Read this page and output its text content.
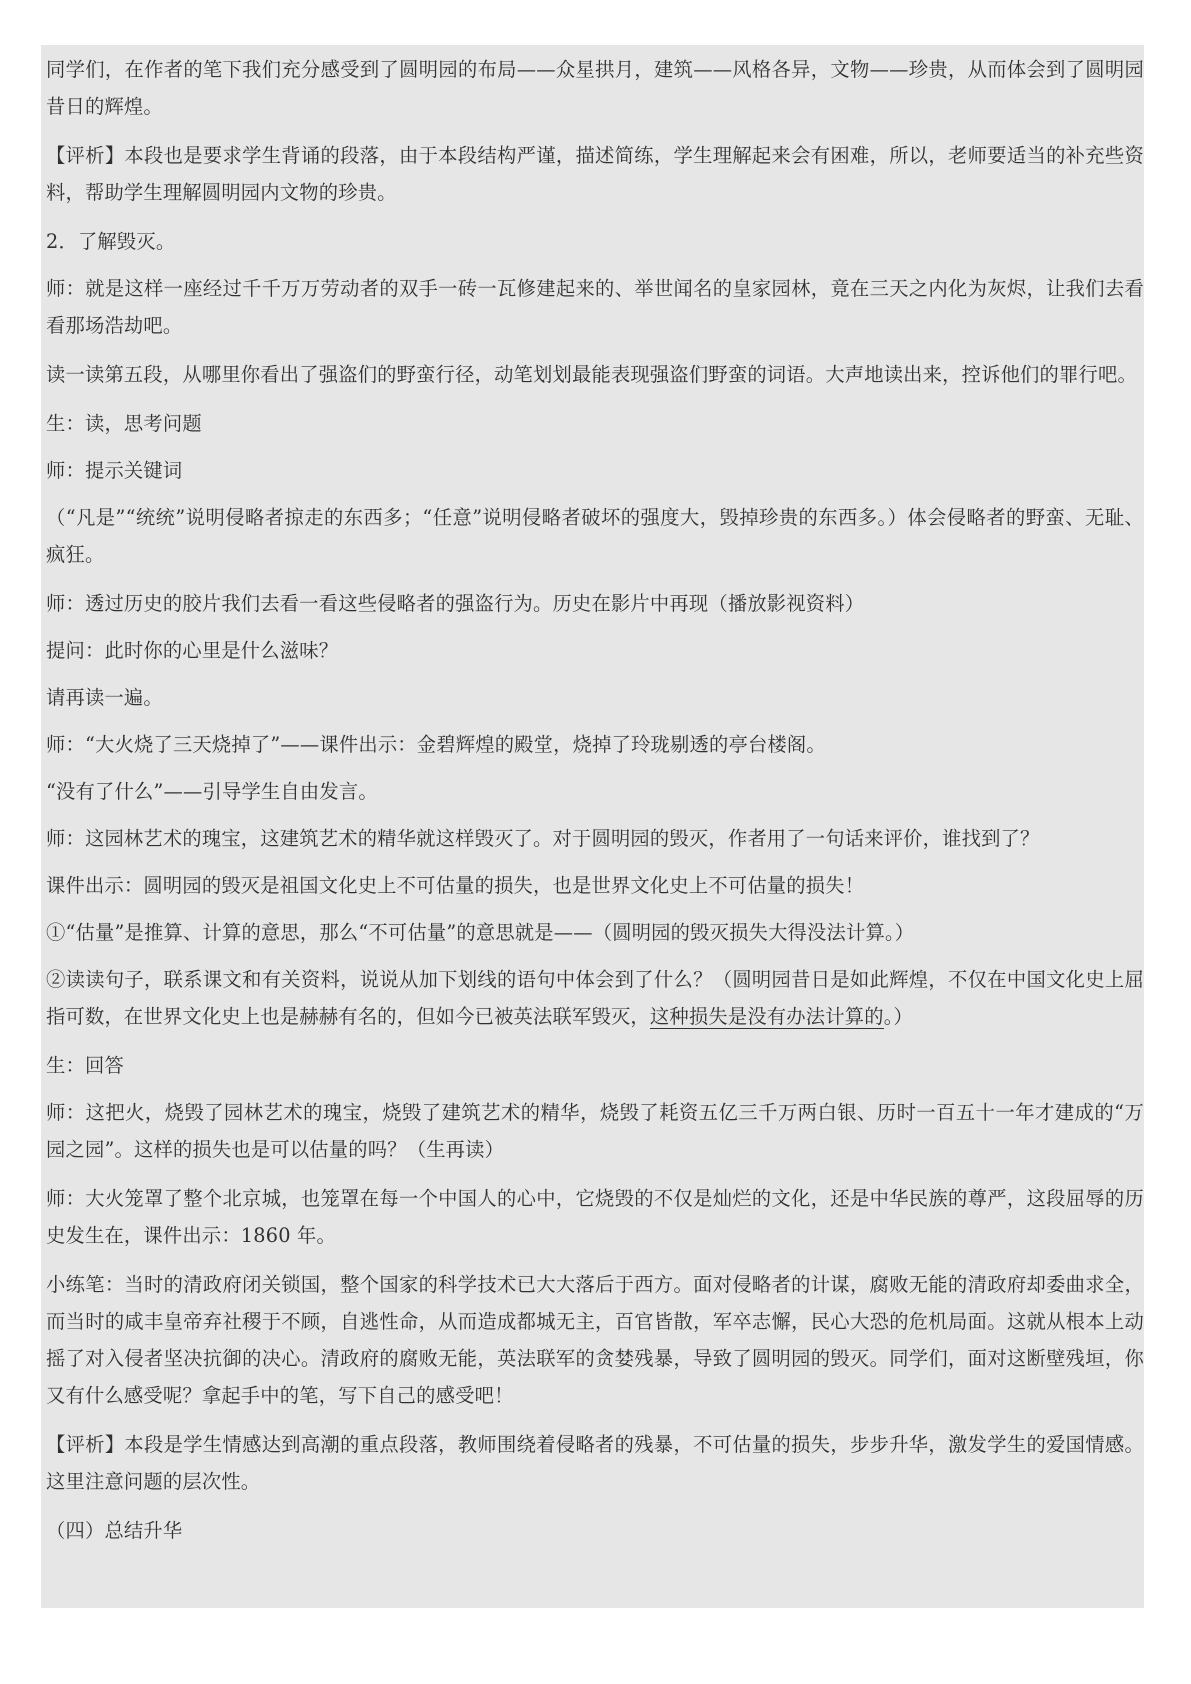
同学们，在作者的笔下我们充分感受到了圆明园的布局——众星拱月，建筑——风格各异，文物——珍贵，从而体会到了圆明园昔日的辉煌。

【评析】本段也是要求学生背诵的段落，由于本段结构严谨，描述简练，学生理解起来会有困难，所以，老师要适当的补充些资料，帮助学生理解圆明园内文物的珍贵。

2．了解毁灭。

师：就是这样一座经过千千万万劳动者的双手一砖一瓦修建起来的、举世闻名的皇家园林，竟在三天之内化为灰烬，让我们去看看那场浩劫吧。

读一读第五段，从哪里你看出了强盗们的野蛮行径，动笔划划最能表现强盗们野蛮的词语。大声地读出来，控诉他们的罪行吧。

生：读，思考问题

师：提示关键词

（“凡是”“统统”说明侵略者掠走的东西多；“任意”说明侵略者破坏的强度大，毁掉珍贵的东西多。）体会侵略者的野蛮、无耻、疯狂。

师：透过历史的胶片我们去看一看这些侵略者的强盗行为。历史在影片中再现（播放影视资料）

提问：此时你的心里是什么滋味？

请再读一遍。

师：“大火烧了三天烧掉了”——课件出示：金碧辉煌的殿堂，烧掉了玲珑剔透的亭台楼阁。

“没有了什么”——引导学生自由发言。

师：这园林艺术的瑰宝，这建筑艺术的精华就这样毁灭了。对于圆明园的毁灭，作者用了一句话来评价，谁找到了？

课件出示：圆明园的毁灭是祖国文化史上不可估量的损失，也是世界文化史上不可估量的损失！

①“估量”是推算、计算的意思，那么“不可估量”的意思就是——（圆明园的毁灭损失大得没法计算。）

②读读句子，联系课文和有关资料，说说从加下划线的语句中体会到了什么？（圆明园昔日是如此辉煌，不仅在中国文化史上屈指可数，在世界文化史上也是赫赫有名的，但如今已被英法联军毁灭，这种损失是没有办法计算的。）

生：回答

师：这把火，烧毁了园林艺术的瑰宝，烧毁了建筑艺术的精华，烧毁了耗资五亿三千万两白银、历时一百五十一年才建成的“万园之园”。这样的损失也是可以估量的吗？（生再读）

师：大火笼罩了整个北京城，也笼罩在每一个中国人的心中，它烧毁的不仅是灿烂的文化，还是中华民族的尊严，这段屈辱的历史发生在，课件出示：1860 年。

小练笔：当时的清政府闭关锁国，整个国家的科学技术已大大落后于西方。面对侵略者的计谋，腐败无能的清政府却委曲求全，而当时的咸丰皇帝弃社稷于不顾，自逃性命，从而造成都城无主，百官皆散，军卒志懈，民心大恐的危机局面。这就从根本上动摇了对入侵者坚决抗御的决心。清政府的腐败无能，英法联军的贪婪残暴，导致了圆明园的毁灭。同学们，面对这断壁残垣，你又有什么感受呢？拿起手中的笔，写下自己的感受吧！

【评析】本段是学生情感达到高潮的重点段落，教师围绕着侵略者的残暴，不可估量的损失，步步升华，激发学生的爱国情感。这里注意问题的层次性。

（四）总结升华
